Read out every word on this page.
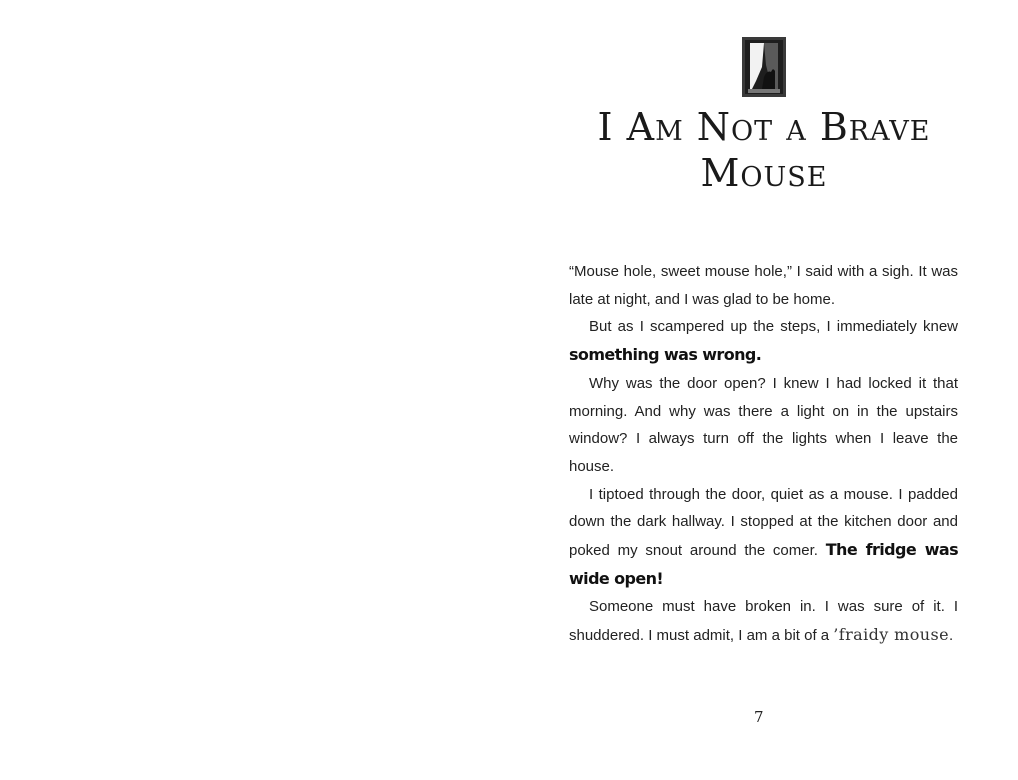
I Am Not a Brave
Mouse

“Mouse hole, sweet mouse hole,” I said with a sigh. It was late at night, and I was glad to be home.

But as I scampered up the steps, I immediately knew something was wrong.

Why was the door open? I knew I had locked it that morning. And why was there a light on in the upstairs window? I always turn off the lights when I leave the house.

I tiptoed through the door, quiet as a mouse. I padded down the dark hallway. I stopped at the kitchen door and poked my snout around the comer. The fridge was wide open!

Someone must have broken in. I was sure of it. I shuddered. I must admit, I am a bit of a ’fraidy mouse.

7
